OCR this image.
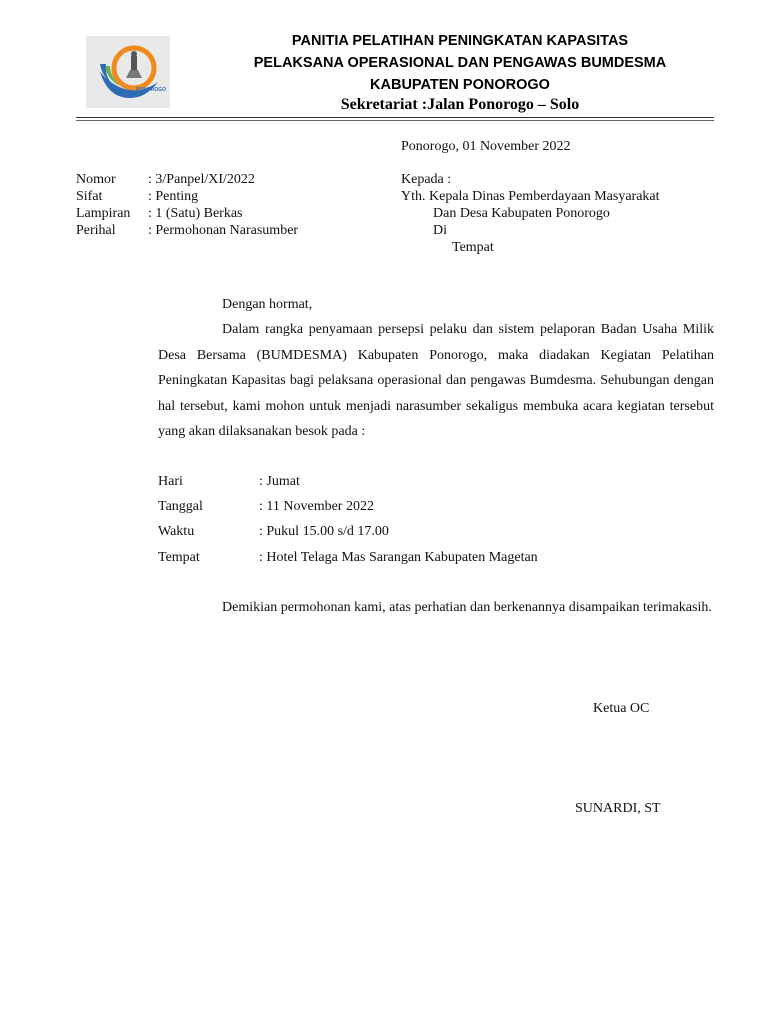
PONOROGO
PANITIA PELATIHAN PENINGKATAN KAPASITAS
PELAKSANA OPERASIONAL DAN PENGAWAS BUMDESMA
KABUPATEN PONOROGO
Sekretariat :Jalan Ponorogo – Solo
Ponorogo, 01 November 2022
Nomor : 3/Panpel/XI/2022
Sifat	: Penting
Lampiran : 1 (Satu) Berkas
Perihal : Permohonan Narasumber
Kepada :
Yth. Kepala Dinas Pemberdayaan Masyarakat
Dan Desa Kabupaten Ponorogo
Di
Tempat
Dengan hormat,
Dalam rangka penyamaan persepsi pelaku dan sistem pelaporan Badan Usaha Milik Desa Bersama (BUMDESMA) Kabupaten Ponorogo, maka diadakan Kegiatan Pelatihan Peningkatan Kapasitas bagi pelaksana operasional dan pengawas Bumdesma. Sehubungan dengan hal tersebut, kami mohon untuk menjadi narasumber sekaligus membuka acara kegiatan tersebut yang akan dilaksanakan besok pada :
Hari	: Jumat
Tanggal	: 11 November 2022
Waktu	: Pukul 15.00 s/d 17.00
Tempat	: Hotel Telaga Mas Sarangan Kabupaten Magetan
Demikian permohonan kami, atas perhatian dan berkenannya disampaikan terimakasih.
Ketua OC
SUNARDI, ST
